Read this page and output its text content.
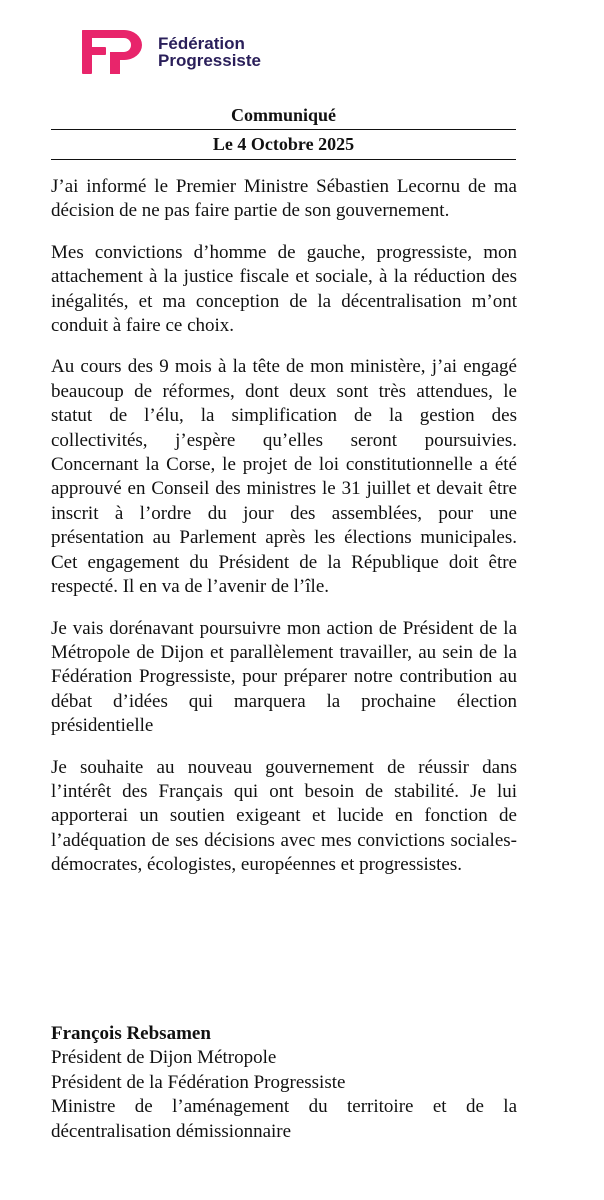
Fédération
Progressiste
Communiqué
Le 4 Octobre 2025

J’ai informé le Premier Ministre Sébastien Lecornu de ma décision de ne pas faire partie de son gouvernement.

Mes convictions d’homme de gauche, progressiste, mon attachement à la justice fiscale et sociale, à la réduction des inégalités, et ma conception de la décentralisation m’ont conduit à faire ce choix.

Au cours des 9 mois à la tête de mon ministère, j’ai engagé beaucoup de réformes, dont deux sont très attendues, le statut de l’élu, la simplification de la gestion des collectivités, j’espère qu’elles seront poursuivies. Concernant la Corse, le projet de loi constitutionnelle a été approuvé en Conseil des ministres le 31 juillet et devait être inscrit à l’ordre du jour des assemblées, pour une présentation au Parlement après les élections municipales. Cet engagement du Président de la République doit être respecté. Il en va de l’avenir de l’île.

Je vais dorénavant poursuivre mon action de Président de la Métropole de Dijon et parallèlement travailler, au sein de la Fédération Progressiste, pour préparer notre contribution au débat d’idées qui marquera la prochaine élection présidentielle

Je souhaite au nouveau gouvernement de réussir dans l’intérêt des Français qui ont besoin de stabilité. Je lui apporterai un soutien exigeant et lucide en fonction de l’adéquation de ses décisions avec mes convictions sociales-démocrates, écologistes, européennes et progressistes.

François Rebsamen
Président de Dijon Métropole
Président de la Fédération Progressiste
Ministre de l’aménagement du territoire et de la décentralisation démissionnaire
